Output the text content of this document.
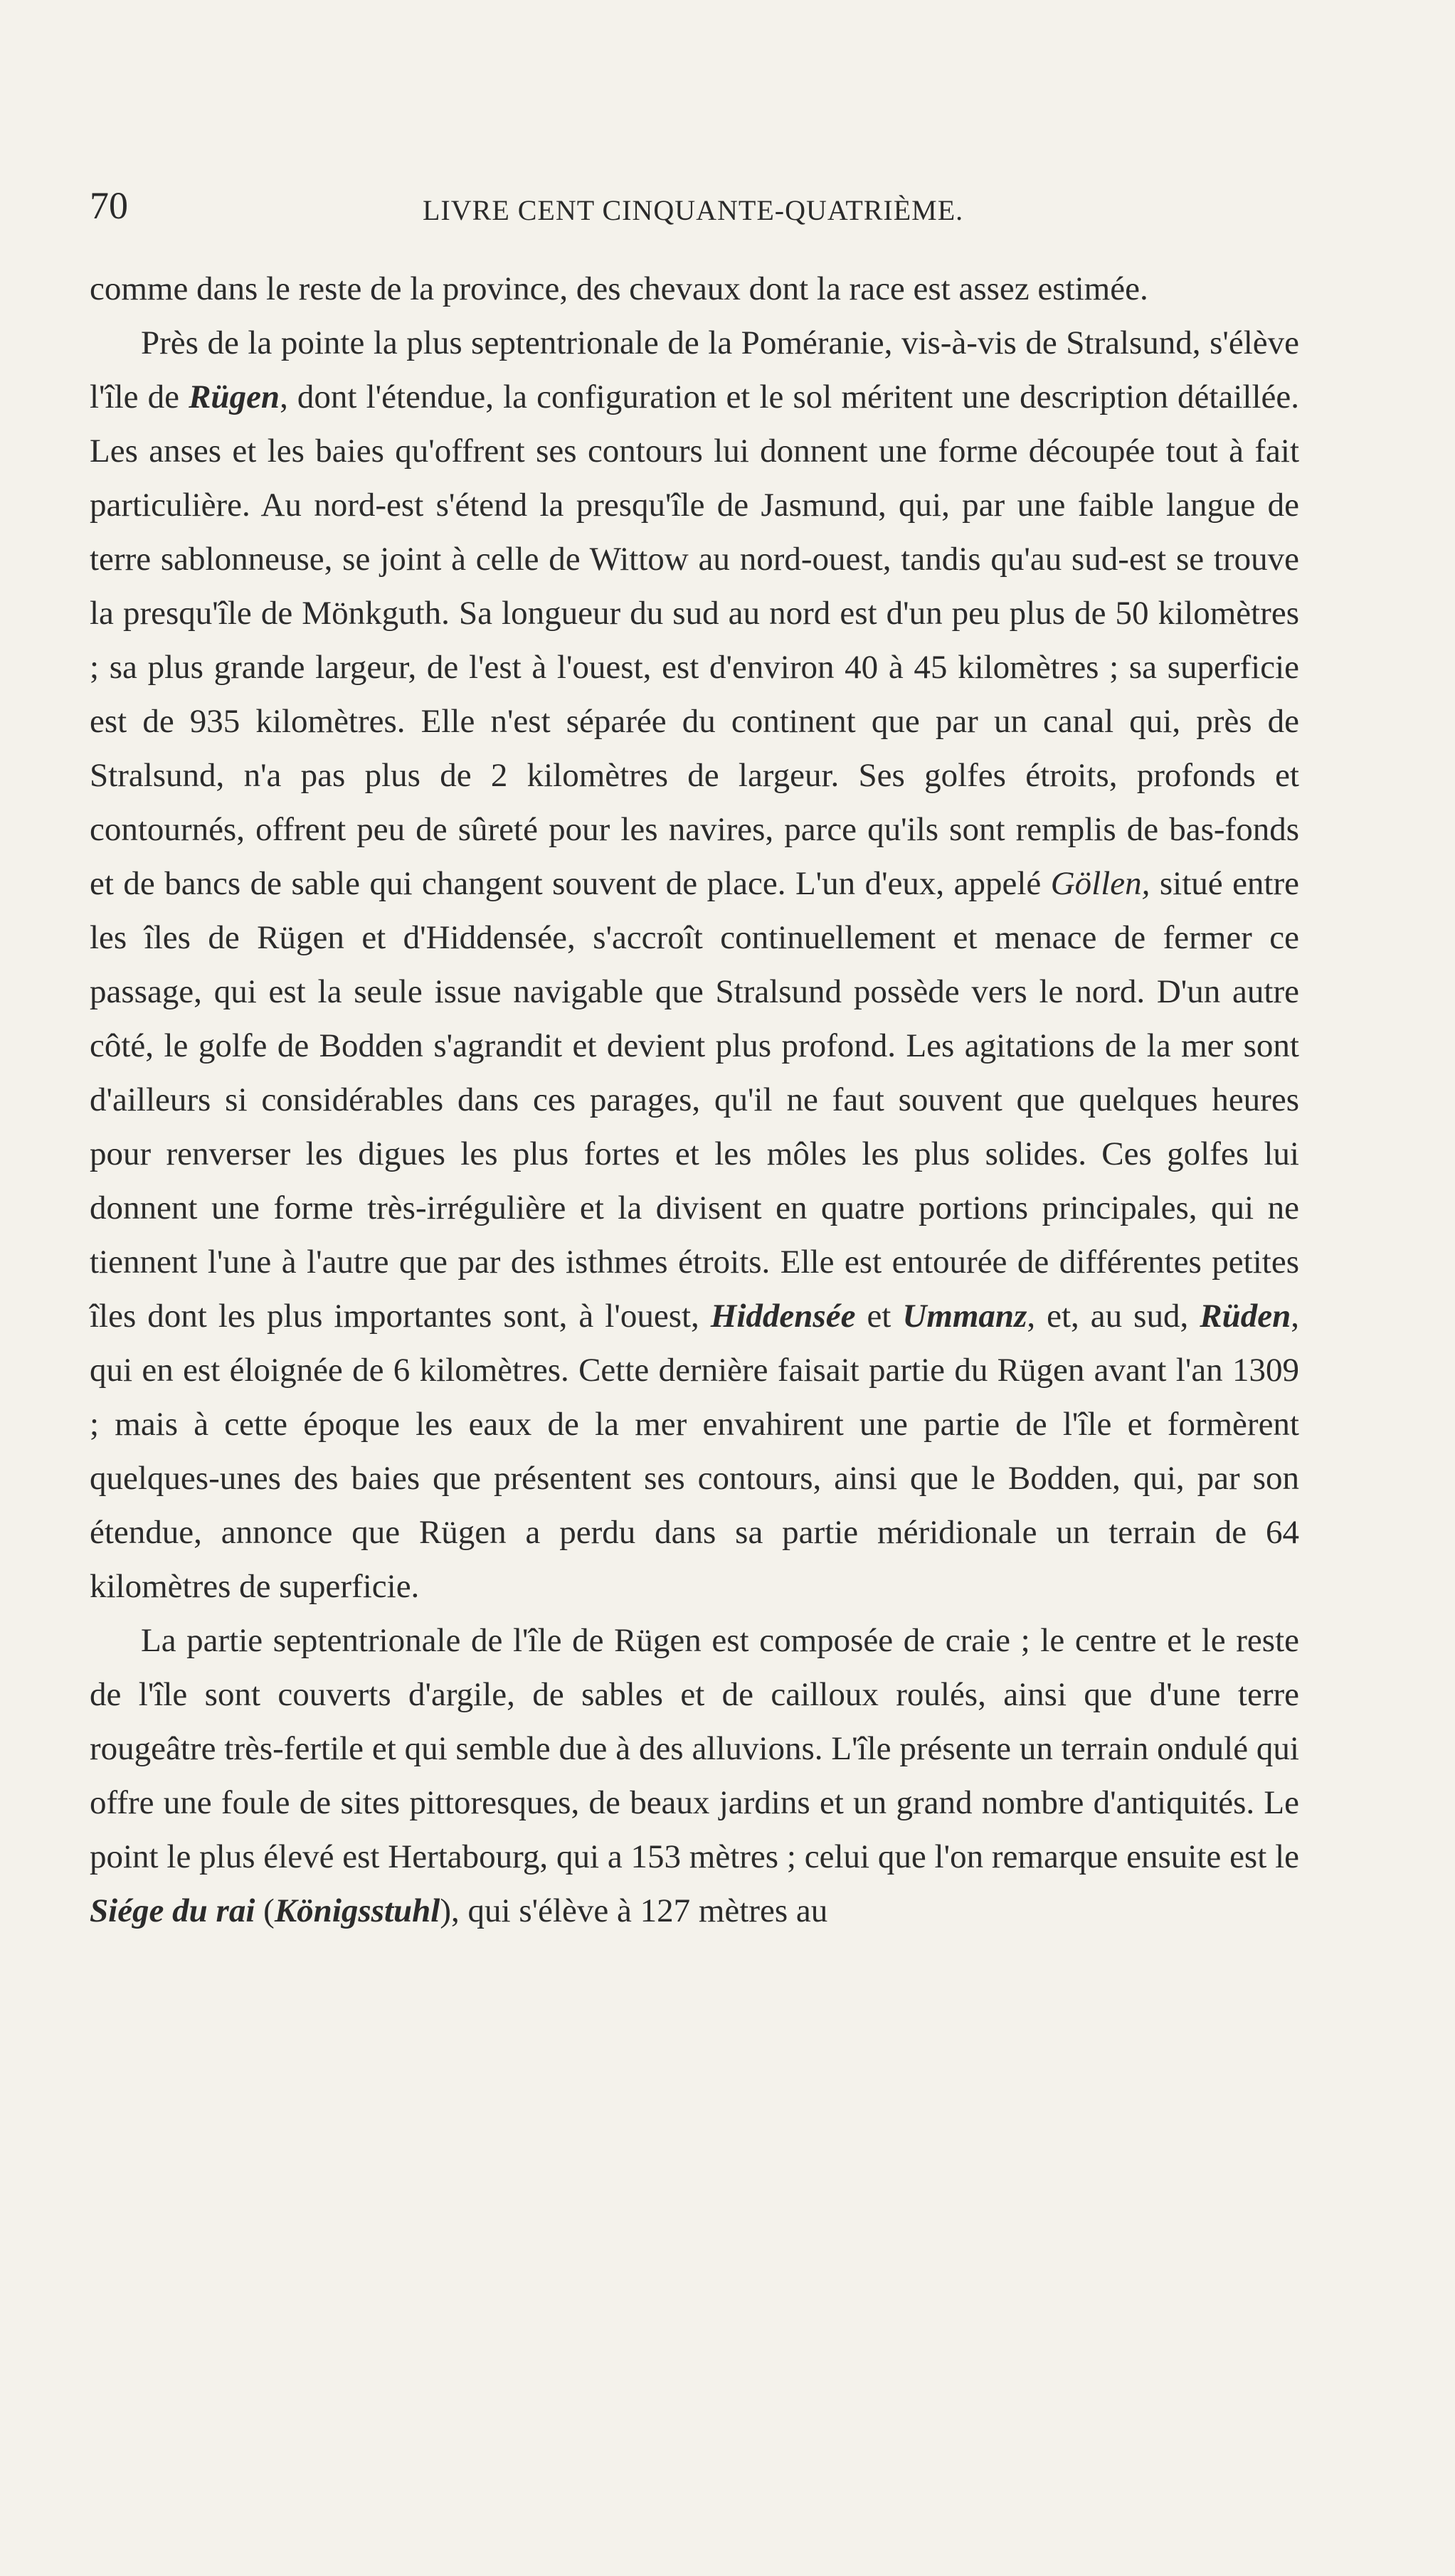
70	LIVRE CENT CINQUANTE-QUATRIÈME.

comme dans le reste de la province, des chevaux dont la race est assez estimée.

Près de la pointe la plus septentrionale de la Poméranie, vis-à-vis de Stralsund, s'élève l'île de Rügen, dont l'étendue, la configuration et le sol méritent une description détaillée. Les anses et les baies qu'offrent ses contours lui donnent une forme découpée tout à fait particulière. Au nord-est s'étend la presqu'île de Jasmund, qui, par une faible langue de terre sablonneuse, se joint à celle de Wittow au nord-ouest, tandis qu'au sud-est se trouve la presqu'île de Mönkguth. Sa longueur du sud au nord est d'un peu plus de 50 kilomètres ; sa plus grande largeur, de l'est à l'ouest, est d'environ 40 à 45 kilomètres ; sa superficie est de 935 kilomètres. Elle n'est séparée du continent que par un canal qui, près de Stralsund, n'a pas plus de 2 kilomètres de largeur. Ses golfes étroits, profonds et contournés, offrent peu de sûreté pour les navires, parce qu'ils sont remplis de bas-fonds et de bancs de sable qui changent souvent de place. L'un d'eux, appelé Göllen, situé entre les îles de Rügen et d'Hiddensée, s'accroît continuellement et menace de fermer ce passage, qui est la seule issue navigable que Stralsund possède vers le nord. D'un autre côté, le golfe de Bodden s'agrandit et devient plus profond. Les agitations de la mer sont d'ailleurs si considérables dans ces parages, qu'il ne faut souvent que quelques heures pour renverser les digues les plus fortes et les môles les plus solides. Ces golfes lui donnent une forme très-irrégulière et la divisent en quatre portions principales, qui ne tiennent l'une à l'autre que par des isthmes étroits. Elle est entourée de différentes petites îles dont les plus importantes sont, à l'ouest, Hiddensée et Ummanz, et, au sud, Rüden, qui en est éloignée de 6 kilomètres. Cette dernière faisait partie du Rügen avant l'an 1309 ; mais à cette époque les eaux de la mer envahirent une partie de l'île et formèrent quelques-unes des baies que présentent ses contours, ainsi que le Bodden, qui, par son étendue, annonce que Rügen a perdu dans sa partie méridionale un terrain de 64 kilomètres de superficie.

La partie septentrionale de l'île de Rügen est composée de craie ; le centre et le reste de l'île sont couverts d'argile, de sables et de cailloux roulés, ainsi que d'une terre rougeâtre très-fertile et qui semble due à des alluvions. L'île présente un terrain ondulé qui offre une foule de sites pittoresques, de beaux jardins et un grand nombre d'antiquités. Le point le plus élevé est Hertabourg, qui a 153 mètres ; celui que l'on remarque ensuite est le Siége du rai (Königsstuhl), qui s'élève à 127 mètres au
